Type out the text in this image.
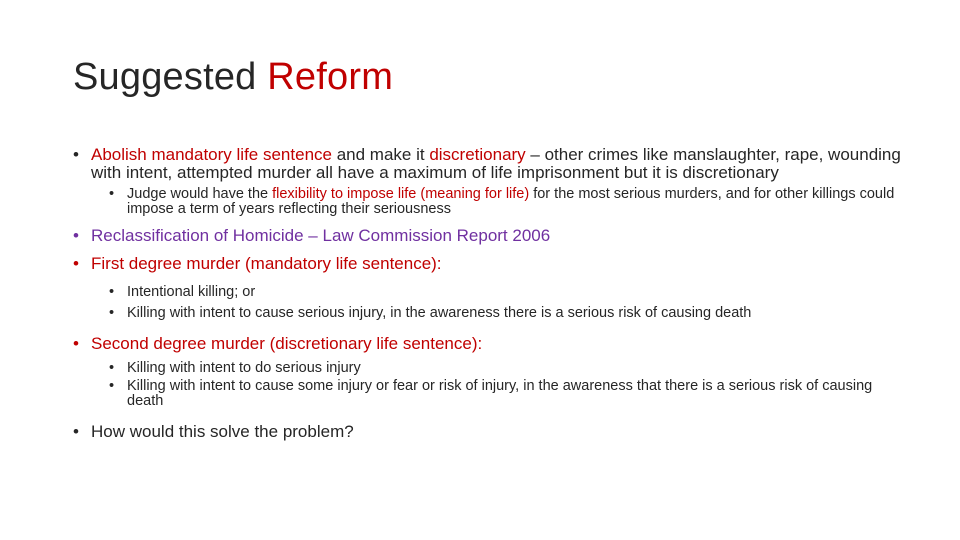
Suggested Reform

• Abolish mandatory life sentence and make it discretionary – other crimes like manslaughter, rape, wounding with intent, attempted murder all have a maximum of life imprisonment but it is discretionary

• Judge would have the flexibility to impose life (meaning for life) for the most serious murders, and for other killings could impose a term of years reflecting their seriousness

• Reclassification of Homicide – Law Commission Report 2006

• First degree murder (mandatory life sentence):

• Intentional killing; or

• Killing with intent to cause serious injury, in the awareness there is a serious risk of causing death

• Second degree murder (discretionary life sentence):

• Killing with intent to do serious injury

• Killing with intent to cause some injury or fear or risk of injury, in the awareness that there is a serious risk of causing death

• How would this solve the problem?
